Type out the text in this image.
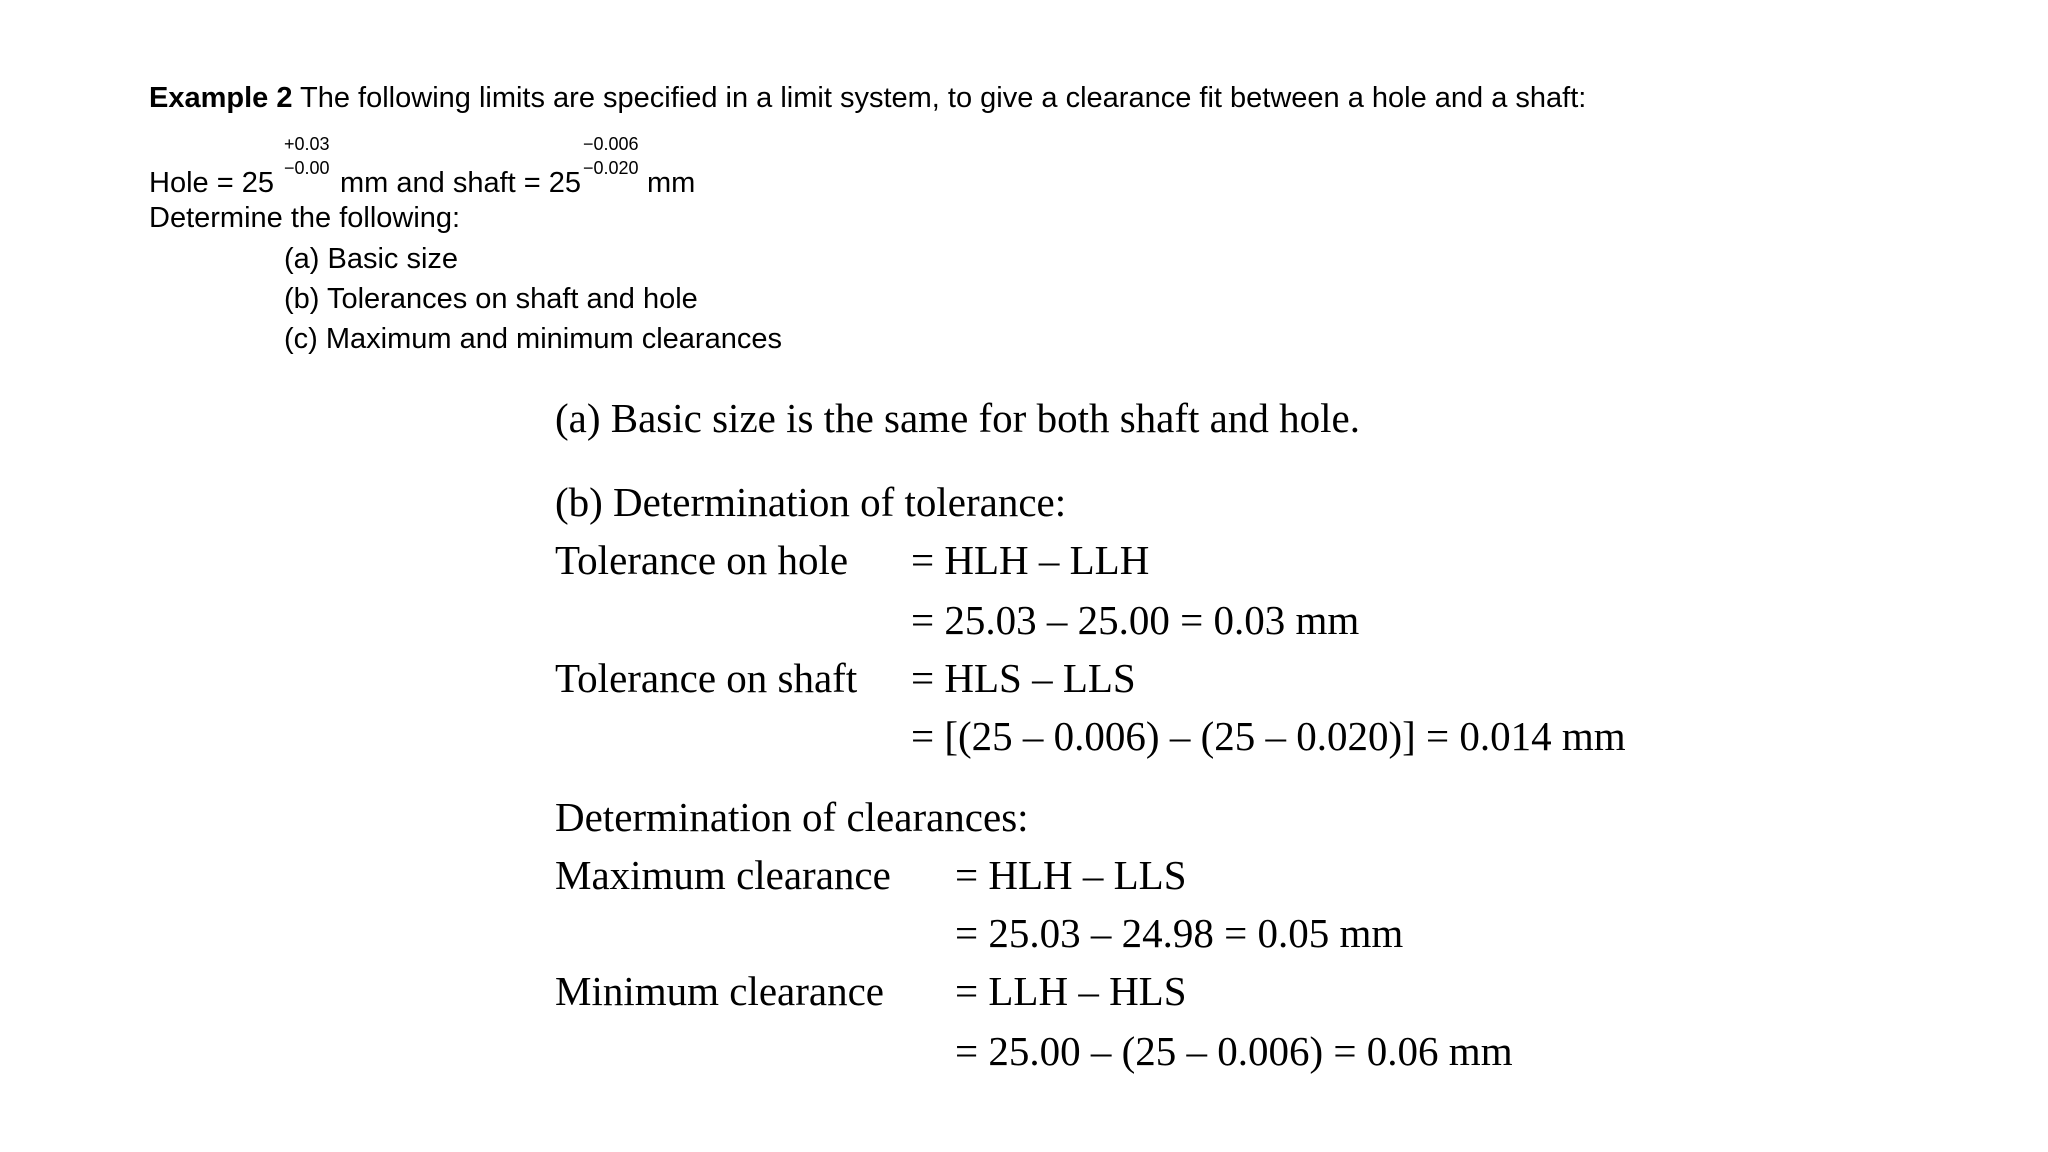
Example 2 The following limits are specified in a limit system, to give a clearance fit between a hole and a shaft:
Hole = 25
+0.03
−0.00 mm and shaft = 25
−0.006
−0.020 mm
Determine the following:
(a) Basic size
(b) Tolerances on shaft and hole
(c) Maximum and minimum clearances
(a) Basic size is the same for both shaft and hole.
(b) Determination of tolerance:
Tolerance on hole = HLH – LLH
= 25.03 – 25.00 = 0.03 mm
Tolerance on shaft = HLS – LLS
= [(25 – 0.006) – (25 – 0.020)] = 0.014 mm
Determination of clearances:
Maximum clearance = HLH – LLS
= 25.03 – 24.98 = 0.05 mm
Minimum clearance = LLH – HLS
= 25.00 – (25 – 0.006) = 0.06 mm
